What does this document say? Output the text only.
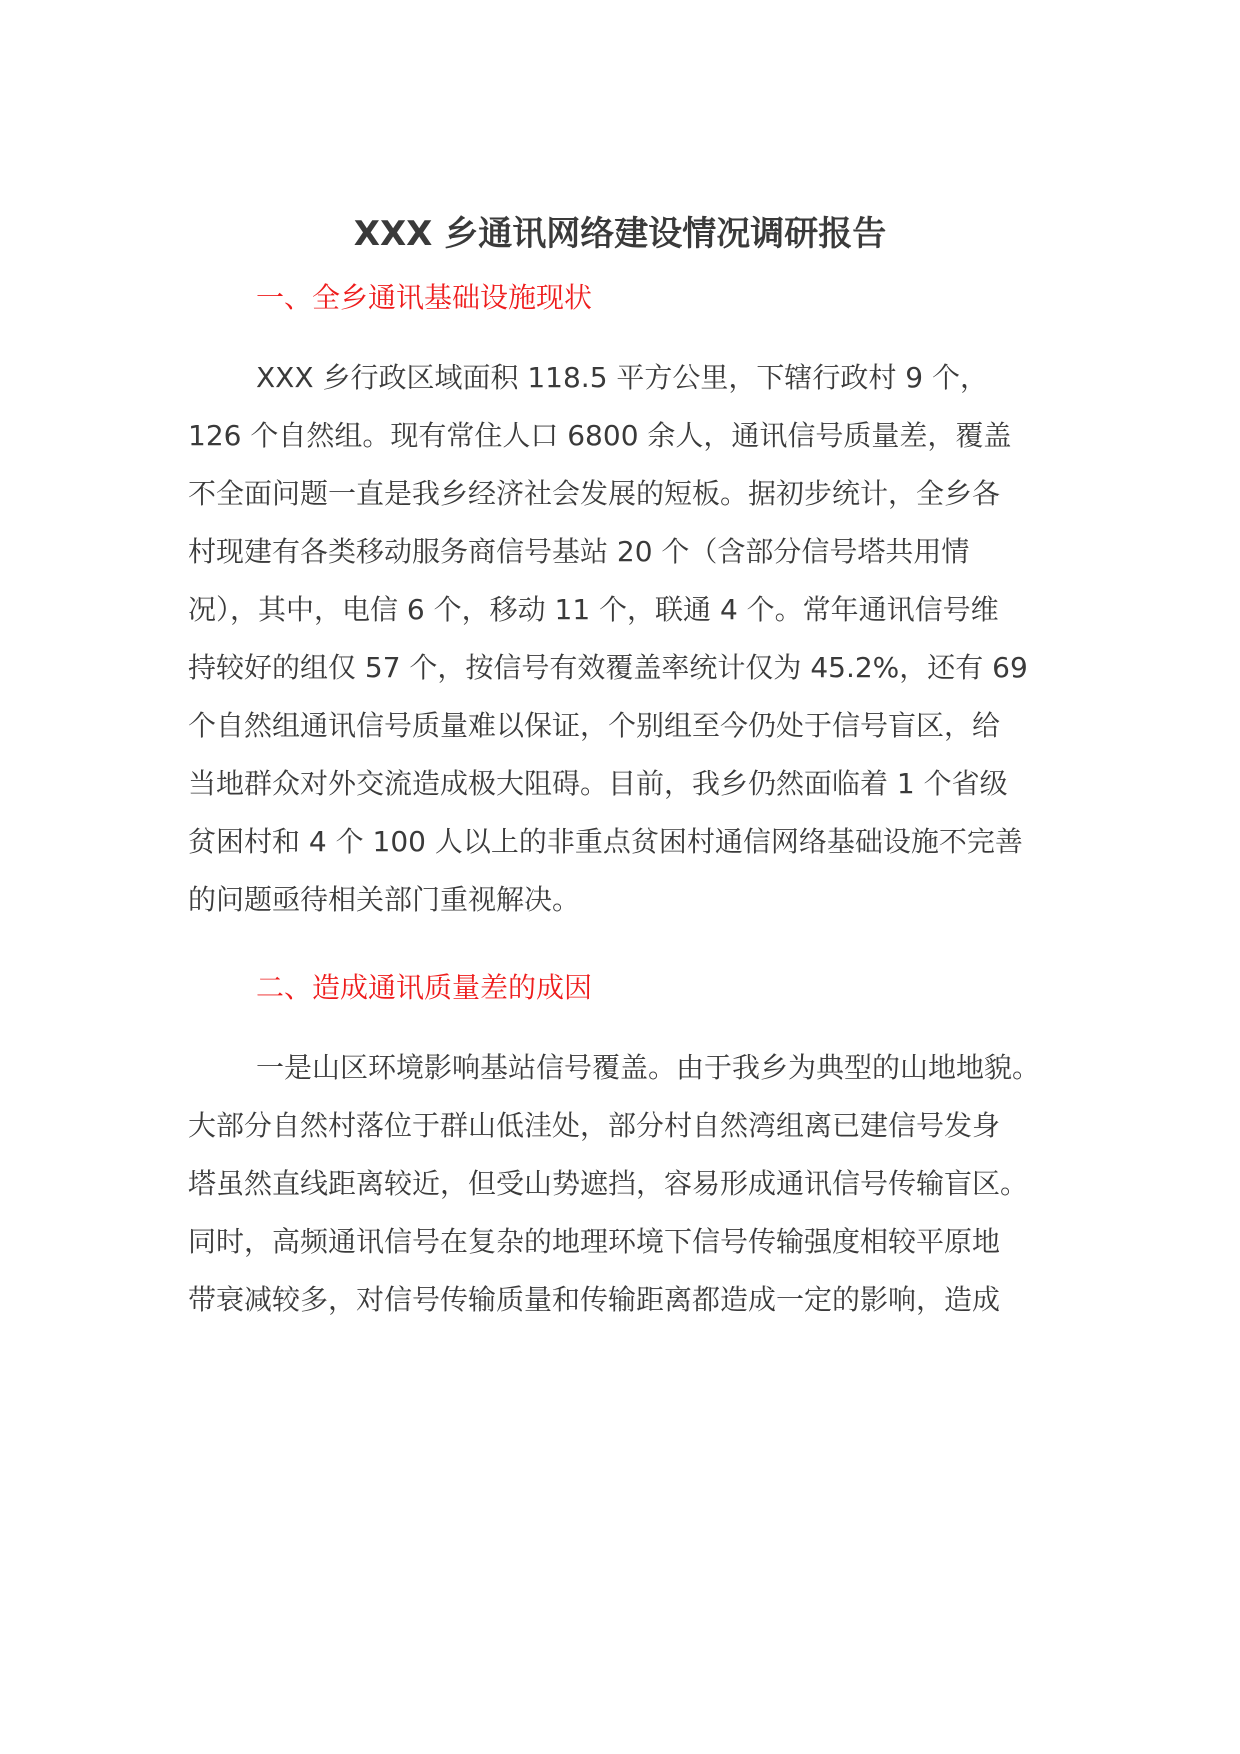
XXX 乡通讯网络建设情况调研报告
一、全乡通讯基础设施现状
XXX 乡行政区域面积 118.5 平方公里，下辖行政村 9 个，
126 个自然组。现有常住人口 6800 余人，通讯信号质量差，覆盖
不全面问题一直是我乡经济社会发展的短板。据初步统计，全乡各
村现建有各类移动服务商信号基站 20 个（含部分信号塔共用情
况），其中，电信 6 个，移动 11 个，联通 4 个。常年通讯信号维
持较好的组仅 57 个，按信号有效覆盖率统计仅为 45.2%，还有 69
个自然组通讯信号质量难以保证，个别组至今仍处于信号盲区，给
当地群众对外交流造成极大阻碍。目前，我乡仍然面临着 1 个省级
贫困村和 4 个 100 人以上的非重点贫困村通信网络基础设施不完善
的问题亟待相关部门重视解决。
二、造成通讯质量差的成因
一是山区环境影响基站信号覆盖。由于我乡为典型的山地地貌。
大部分自然村落位于群山低洼处，部分村自然湾组离已建信号发身
塔虽然直线距离较近，但受山势遮挡，容易形成通讯信号传输盲区。
同时，高频通讯信号在复杂的地理环境下信号传输强度相较平原地
带衰减较多，对信号传输质量和传输距离都造成一定的影响，造成
